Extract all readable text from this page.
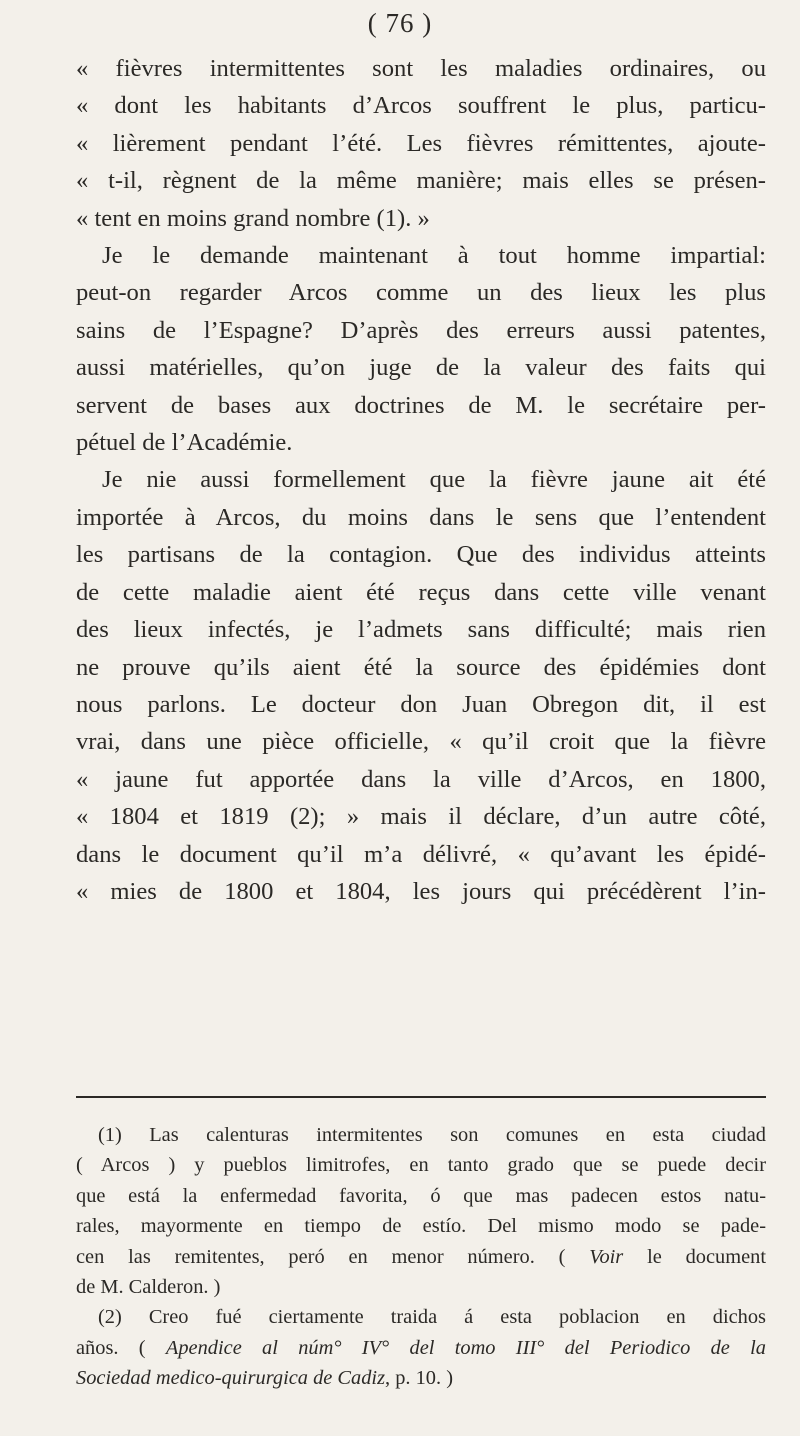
( 76 )
« fièvres intermittentes sont les maladies ordinaires, ou
« dont les habitants d’Arcos souffrent le plus, particu-
« lièrement pendant l’été. Les fièvres rémittentes, ajoute-
« t-il, règnent de la même manière; mais elles se présen-
« tent en moins grand nombre (1). »
Je le demande maintenant à tout homme impartial:
peut-on regarder Arcos comme un des lieux les plus
sains de l’Espagne? D’après des erreurs aussi patentes,
aussi matérielles, qu’on juge de la valeur des faits qui
servent de bases aux doctrines de M. le secrétaire per-
pétuel de l’Académie.
Je nie aussi formellement que la fièvre jaune ait été
importée à Arcos, du moins dans le sens que l’entendent
les partisans de la contagion. Que des individus atteints
de cette maladie aient été reçus dans cette ville venant
des lieux infectés, je l’admets sans difficulté; mais rien
ne prouve qu’ils aient été la source des épidémies dont
nous parlons. Le docteur don Juan Obregon dit, il est
vrai, dans une pièce officielle, « qu’il croit que la fièvre
« jaune fut apportée dans la ville d’Arcos, en 1800,
« 1804 et 1819 (2); » mais il déclare, d’un autre côté,
dans le document qu’il m’a délivré, « qu’avant les épidé-
« mies de 1800 et 1804, les jours qui précédèrent l’in-
(1) Las calenturas intermitentes son comunes en esta ciudad
( Arcos ) y pueblos limitrofes, en tanto grado que se puede decir
que está la enfermedad favorita, ó que mas padecen estos natu-
rales, mayormente en tiempo de estío. Del mismo modo se pade-
cen las remitentes, peró en menor número. ( Voir le document
de M. Calderon. )
(2) Creo fué ciertamente traida á esta poblacion en dichos
años. ( Apendice al núm° IV° del tomo III° del Periodico de la
Sociedad medico-quirurgica de Cadiz, p. 10. )
